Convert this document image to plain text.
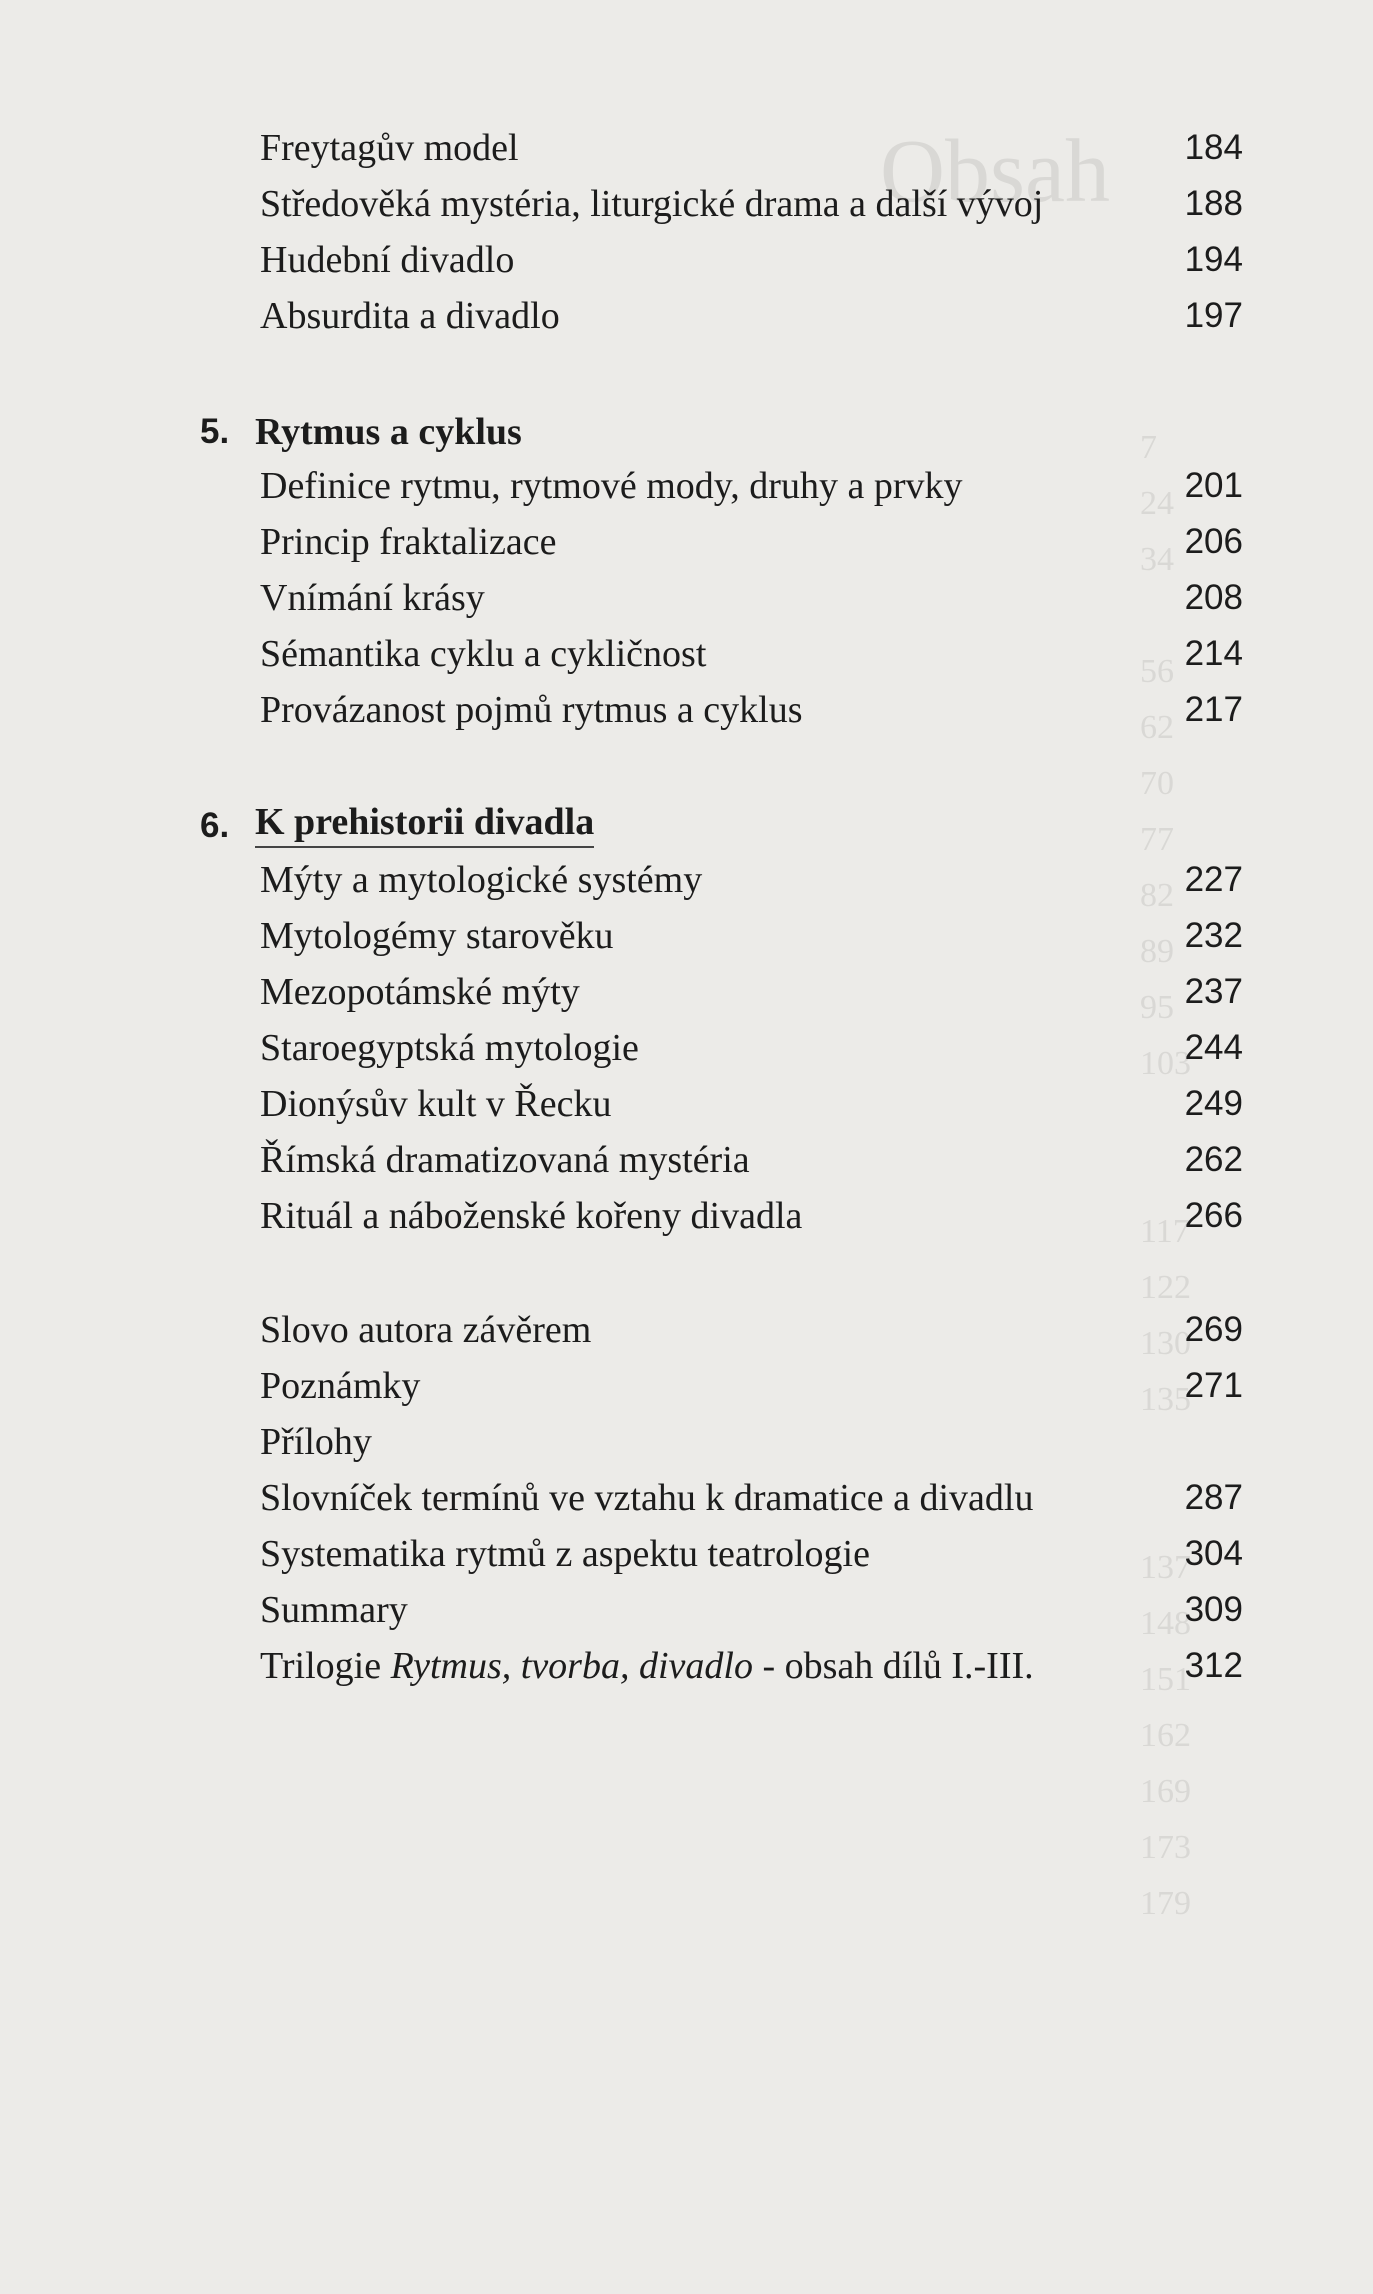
Obsah
7
24
34

56
62
70
77
82
89
95
103

117
122
130
135

137
148
151
162
169
173
179
Freytagův model	184
Středověká mystéria, liturgické drama a další vývoj	188
Hudební divadlo	194
Absurdita a divadlo	197
5. Rytmus a cyklus
Definice rytmu, rytmové mody, druhy a prvky	201
Princip fraktalizace	206
Vnímání krásy	208
Sémantika cyklu a cykličnost	214
Provázanost pojmů rytmus a cyklus	217
6. K prehistorii divadla
Mýty a mytologické systémy	227
Mytologémy starověku	232
Mezopotámské mýty	237
Staroegyptská mytologie	244
Dionýsův kult v Řecku	249
Římská dramatizovaná mystéria	262
Rituál a náboženské kořeny divadla	266
Slovo autora závěrem	269
Poznámky	271
Přílohy
Slovníček termínů ve vztahu k dramatice a divadlu	287
Systematika rytmů z aspektu teatrologie	304
Summary	309
Trilogie Rytmus, tvorba, divadlo - obsah dílů I.-III.	312
